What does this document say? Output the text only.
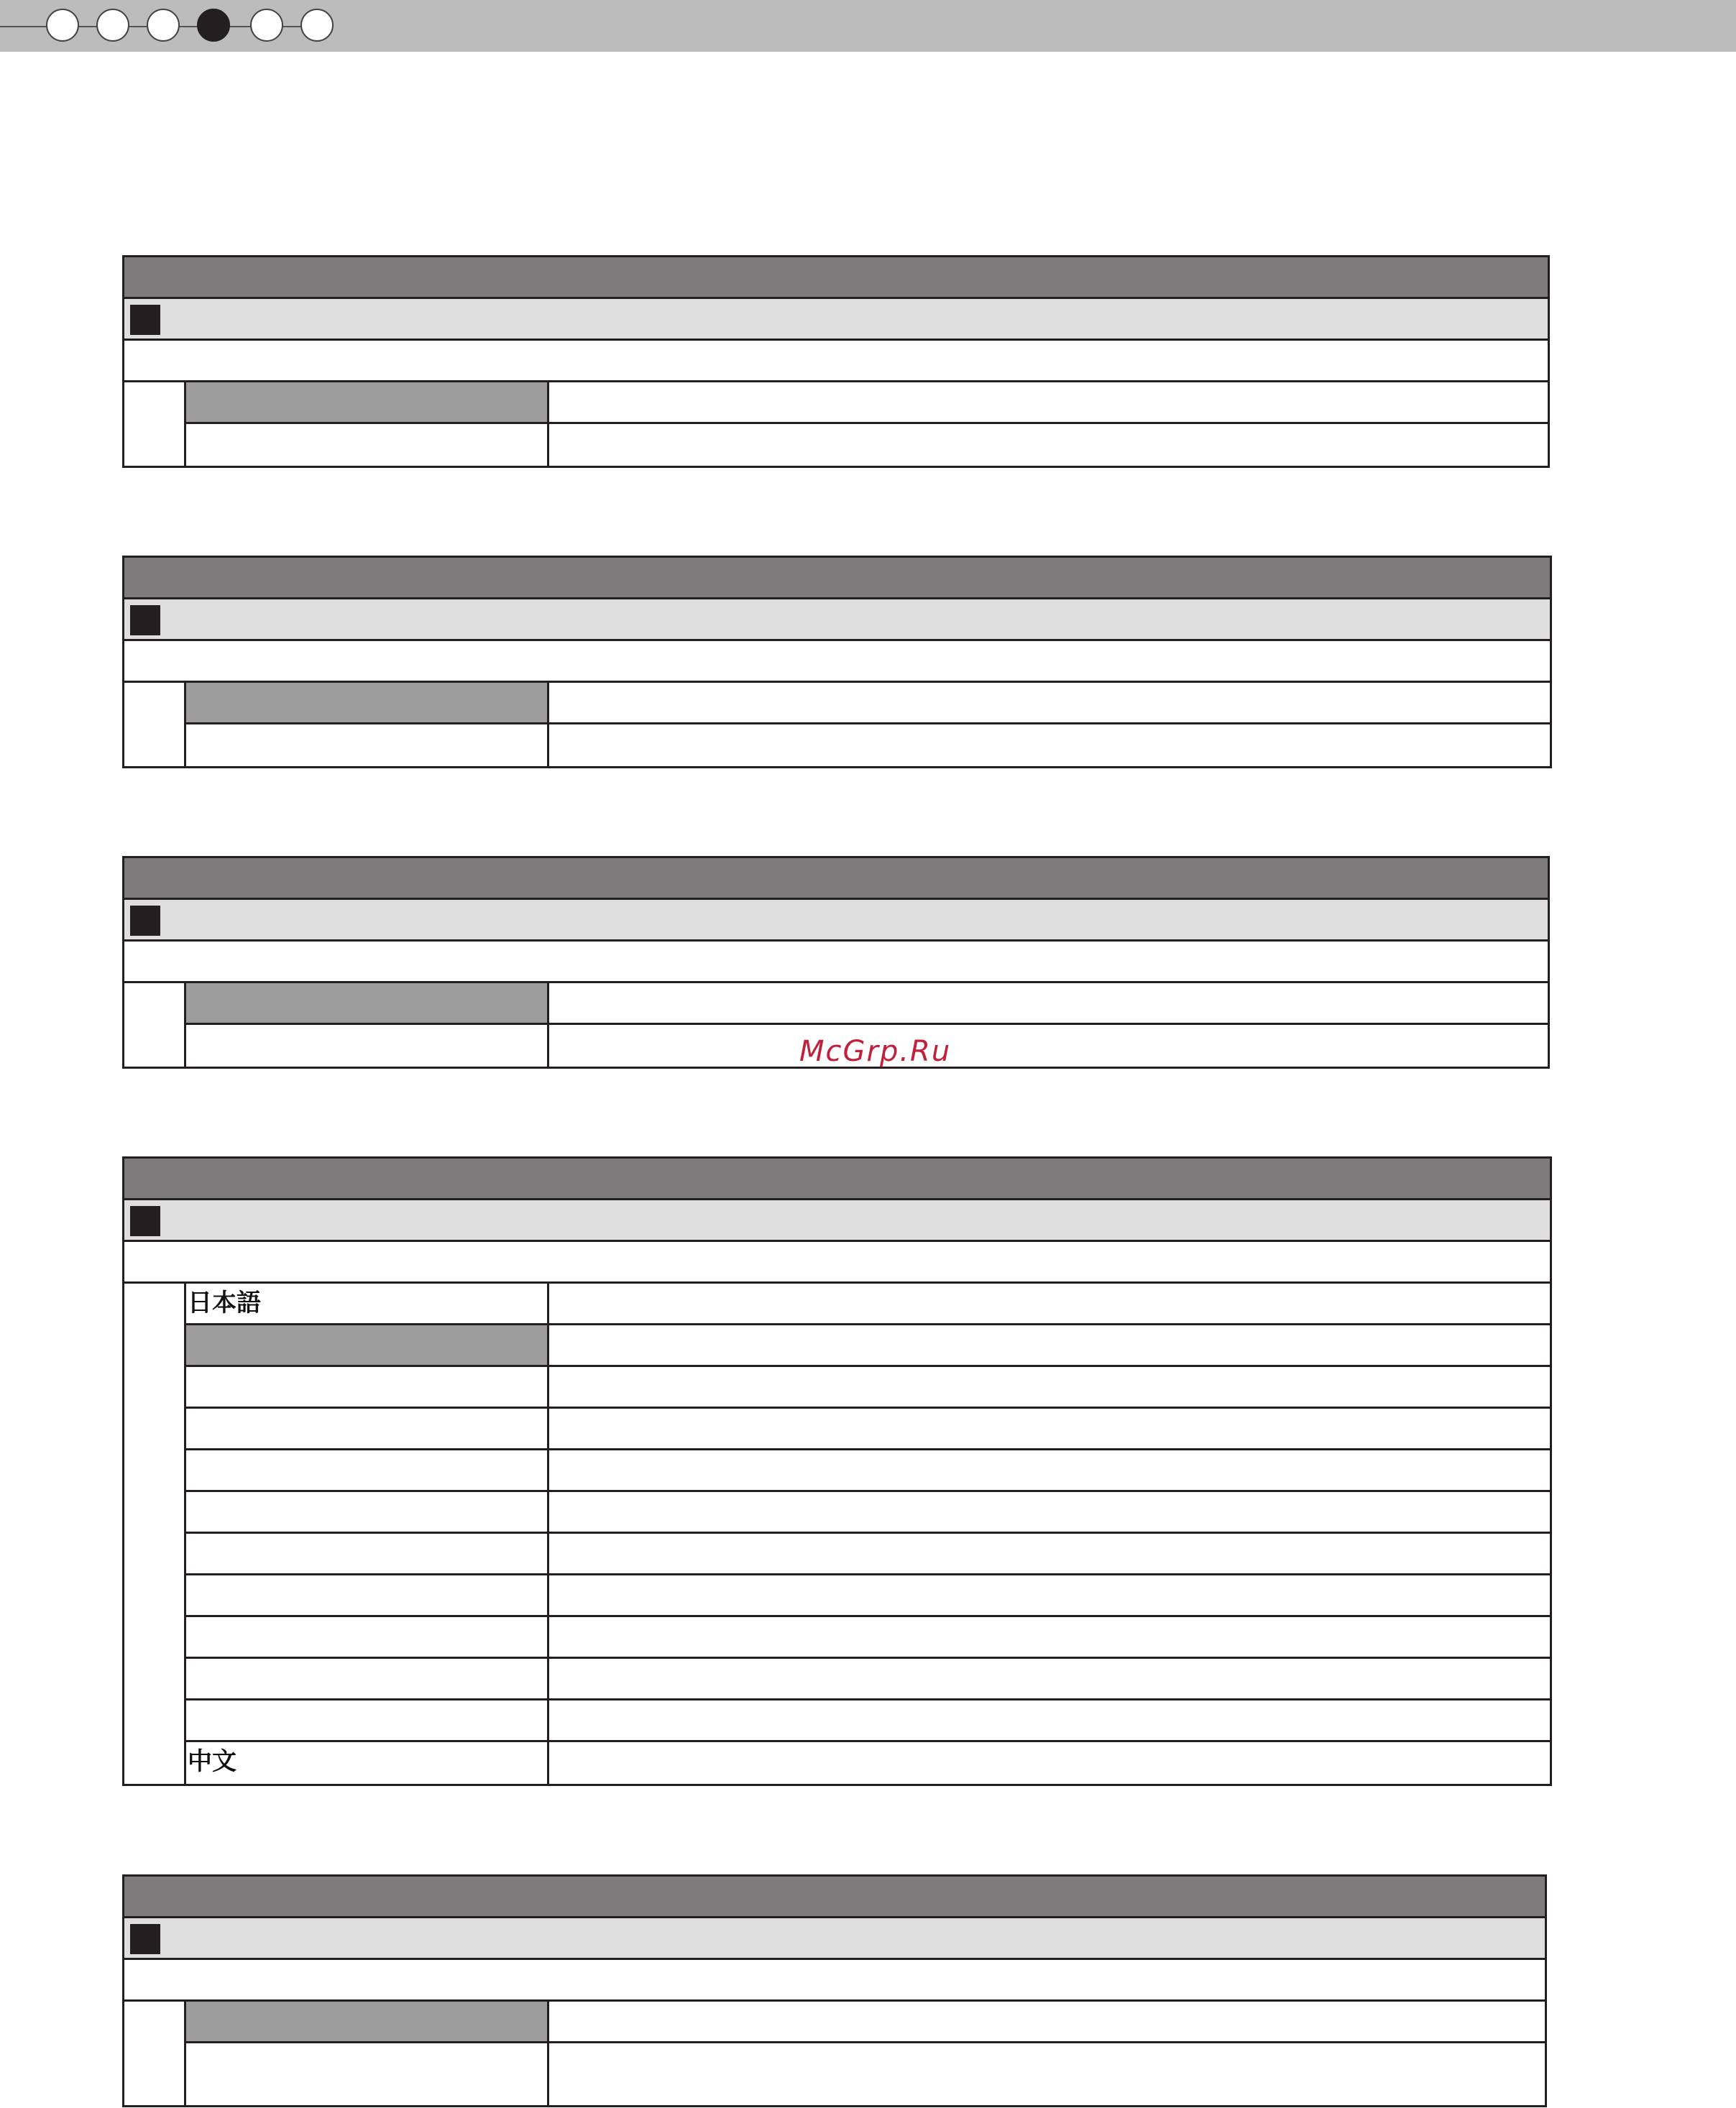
日本語
中文
McGrp.Ru
